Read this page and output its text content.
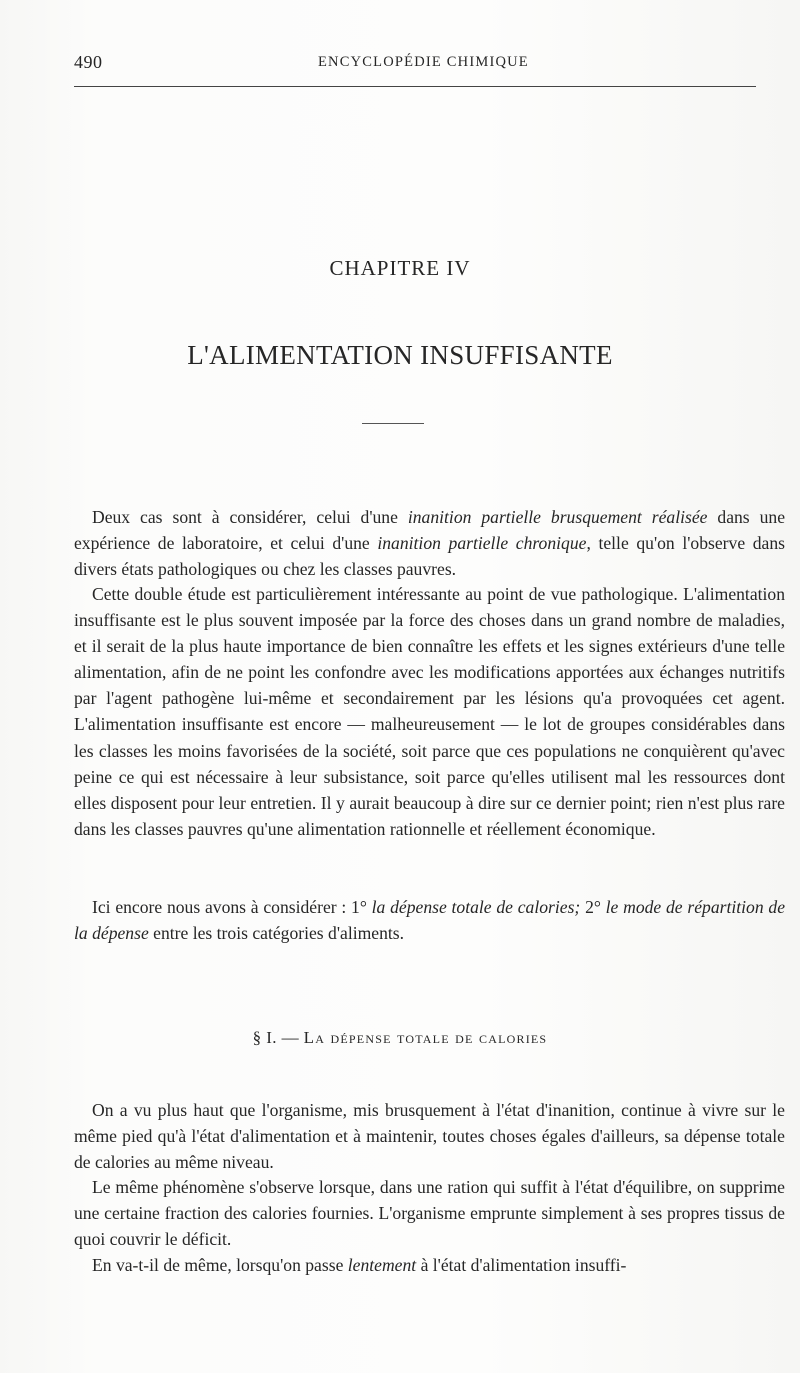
490	ENCYCLOPÉDIE CHIMIQUE
CHAPITRE IV
L'ALIMENTATION INSUFFISANTE

Deux cas sont à considérer, celui d'une inanition partielle brusquement réalisée dans une expérience de laboratoire, et celui d'une inanition partielle chronique, telle qu'on l'observe dans divers états pathologiques ou chez les classes pauvres.

Cette double étude est particulièrement intéressante au point de vue pathologique. L'alimentation insuffisante est le plus souvent imposée par la force des choses dans un grand nombre de maladies, et il serait de la plus haute importance de bien connaître les effets et les signes extérieurs d'une telle alimentation, afin de ne point les confondre avec les modifications apportées aux échanges nutritifs par l'agent pathogène lui-même et secondairement par les lésions qu'a provoquées cet agent. L'alimentation insuffisante est encore — malheureusement — le lot de groupes considérables dans les classes les moins favorisées de la société, soit parce que ces populations ne conquièrent qu'avec peine ce qui est nécessaire à leur subsistance, soit parce qu'elles utilisent mal les ressources dont elles disposent pour leur entretien. Il y aurait beaucoup à dire sur ce dernier point; rien n'est plus rare dans les classes pauvres qu'une alimentation rationnelle et réellement économique.

Ici encore nous avons à considérer : 1° la dépense totale de calories; 2° le mode de répartition de la dépense entre les trois catégories d'aliments.

§ I. — La dépense totale de calories

On a vu plus haut que l'organisme, mis brusquement à l'état d'inanition, continue à vivre sur le même pied qu'à l'état d'alimentation et à maintenir, toutes choses égales d'ailleurs, sa dépense totale de calories au même niveau.

Le même phénomène s'observe lorsque, dans une ration qui suffit à l'état d'équilibre, on supprime une certaine fraction des calories fournies. L'organisme emprunte simplement à ses propres tissus de quoi couvrir le déficit.

En va-t-il de même, lorsqu'on passe lentement à l'état d'alimentation insuffi-
